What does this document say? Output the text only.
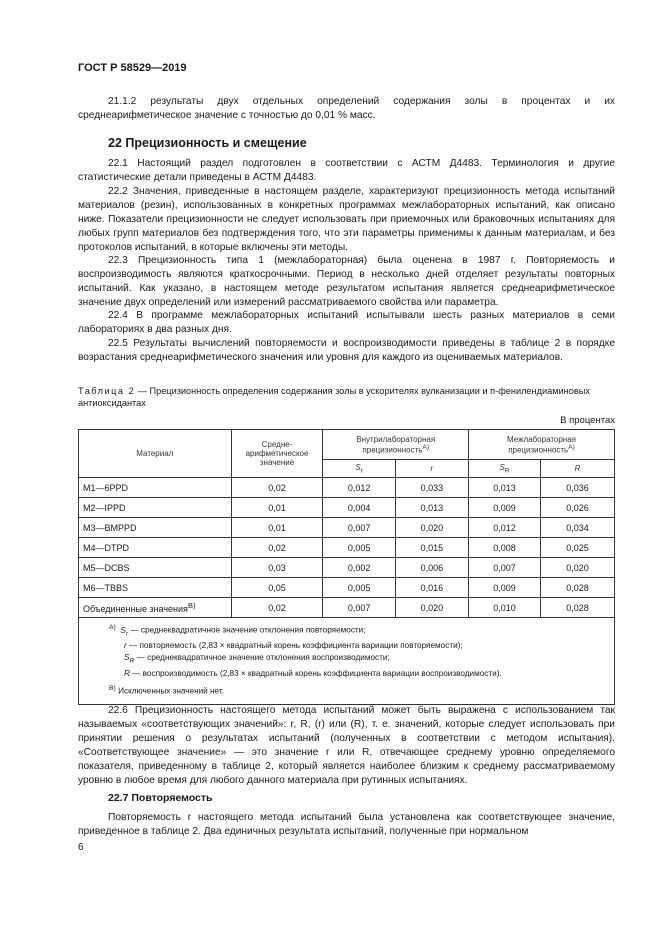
ГОСТ Р 58529—2019
21.1.2 результаты двух отдельных определений содержания золы в процентах и их среднеарифметическое значение с точностью до 0,01 % масс.
22 Прецизионность и смещение
22.1 Настоящий раздел подготовлен в соответствии с АСТМ Д4483. Терминология и другие статистические детали приведены в АСТМ Д4483.
22.2 Значения, приведенные в настоящем разделе, характеризуют прецизионность метода испытаний материалов (резин), использованных в конкретных программах межлабораторных испытаний, как описано ниже. Показатели прецизионности не следует использовать при приемочных или браковочных испытаниях для любых групп материалов без подтверждения того, что эти параметры применимы к данным материалам, и без протоколов испытаний, в которые включены эти методы.
22.3 Прецизионность типа 1 (межлабораторная) была оценена в 1987 г. Повторяемость и воспроизводимость являются краткосрочными. Период в несколько дней отделяет результаты повторных испытаний. Как указано, в настоящем методе результатом испытания является среднеарифметическое значение двух определений или измерений рассматриваемого свойства или параметра.
22.4 В программе межлабораторных испытаний испытывали шесть разных материалов в семи лабораториях в два разных дня.
22.5 Результаты вычислений повторяемости и воспроизводимости приведены в таблице 2 в порядке возрастания среднеарифметического значения или уровня для каждого из оцениваемых материалов.
Таблица 2 — Прецизионность определения содержания золы в ускорителях вулканизации и п-фенилендиаминовых антиоксидантах
В процентах
Материал	Средне-арифметическое значение	Внутрилабораторная прецизионность$^{A)}$		Межлабораторная прецизионность$^{A)}$
		$S_r$	r	$S_R$	R
M1—6PPD	0,02	0,012	0,033	0,013	0,036
M2—IPPD	0,01	0,004	0,013	0,009	0,026
M3—BMPPD	0,01	0,007	0,020	0,012	0,034
M4—DTPD	0,02	0,005	0,015	0,008	0,025
M5—DCBS	0,03	0,002	0,006	0,007	0,020
M6—TBBS	0,05	0,005	0,016	0,009	0,028
Объединенные значения$^{B)}$	0,02	0,007	0,020	0,010	0,028

$^{A)}$ $S_r$ — среднеквадратичное значение отклонения повторяемости;
r — повторяемость (2,83 × квадратный корень коэффициента вариации повторяемости);
$S_R$ — среднеквадратичное значение отклонения воспроизводимости;
R — воспроизводимость (2,83 × квадратный корень коэффициента вариации воспроизводимости).
$^{B)}$ Исключенных значений нет.					
22.6 Прецизионность настоящего метода испытаний может быть выражена с использованием так называемых «соответствующих значений»: r, R, (r) или (R), т. е. значений, которые следует использовать при принятии решения о результатах испытаний (полученных в соответствии с методом испытания). «Соответствующее значение» — это значение r или R, отвечающее среднему уровню определяемого показателя, приведенному в таблице 2, который является наиболее близким к среднему рассматриваемому уровню в любое время для любого данного материала при рутинных испытаниях.
22.7 Повторяемость
Повторяемость r настоящего метода испытаний была установлена как соответствующее значение, приведенное в таблице 2. Два единичных результата испытаний, полученные при нормальном
6
